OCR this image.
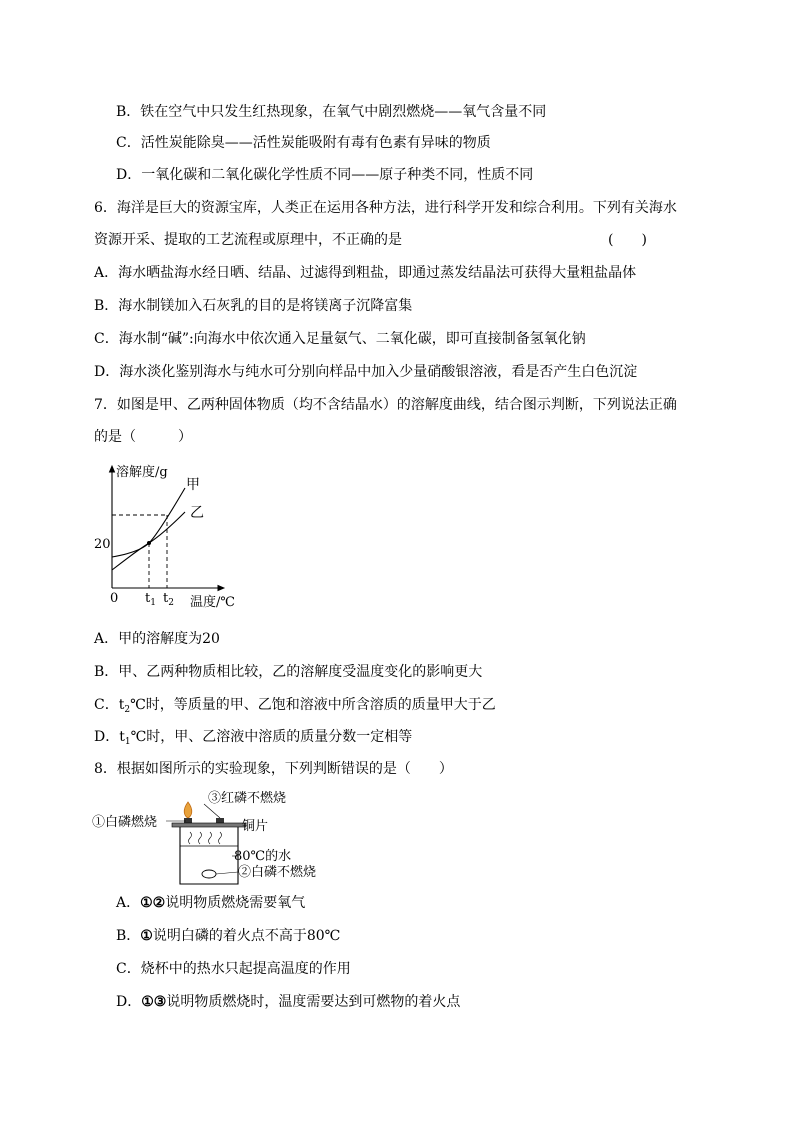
B．铁在空气中只发生红热现象，在氧气中剧烈燃烧——氧气含量不同
C．活性炭能除臭——活性炭能吸附有毒有色素有异味的物质
D．一氧化碳和二氧化碳化学性质不同——原子种类不同，性质不同
6．海洋是巨大的资源宝库，人类正在运用各种方法，进行科学开发和综合利用。下列有关海水
资源开采、提取的工艺流程或原理中，不正确的是	(　　)
A．海水晒盐海水经日晒、结晶、过滤得到粗盐，即通过蒸发结晶法可获得大量粗盐晶体
B．海水制镁加入石灰乳的目的是将镁离子沉降富集
C．海水制“碱”:向海水中依次通入足量氨气、二氧化碳，即可直接制备氢氧化钠
D．海水淡化鉴别海水与纯水可分别向样品中加入少量硝酸银溶液，看是否产生白色沉淀
7．如图是甲、乙两种固体物质（均不含结晶水）的溶解度曲线，结合图示判断，下列说法正确
的是（　　　）
溶解度/g
甲
乙
20
0 $t_1$ $t_2$ 温度/℃
A．甲的溶解度为20
B．甲、乙两种物质相比较，乙的溶解度受温度变化的影响更大
C．$t_2℃$时，等质量的甲、乙饱和溶液中所含溶质的质量甲大于乙
D．$t_1℃$时，甲、乙溶液中溶质的质量分数一定相等
8．根据如图所示的实验现象，下列判断错误的是（　　）
③红磷不燃烧
①白磷燃烧	铜片
80℃的水
②白磷不燃烧
A．①②说明物质燃烧需要氧气
B．①说明白磷的着火点不高于80℃
C．烧杯中的热水只起提高温度的作用
D．①③说明物质燃烧时，温度需要达到可燃物的着火点
